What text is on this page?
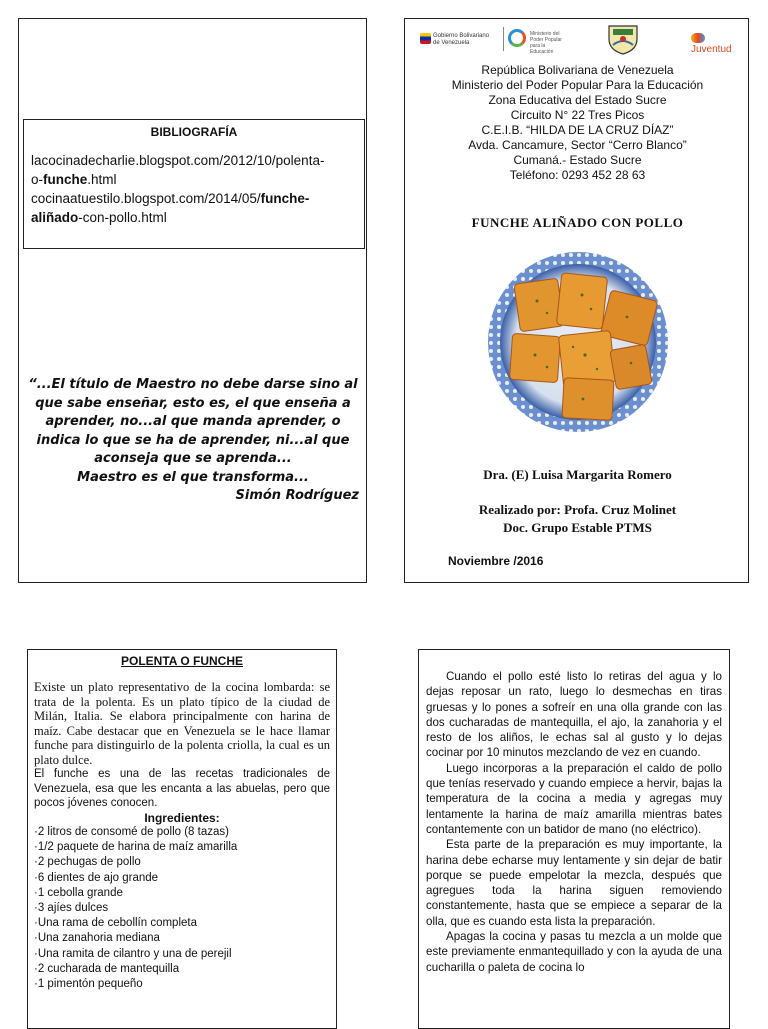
BIBLIOGRAFÍA

lacocinadecharlie.blogspot.com/2012/10/polenta-
o-funche.html

cocinaatuestilo.blogspot.com/2014/05/funche-
aliñado-con-pollo.html

“...El título de Maestro no debe darse sino al
que sabe enseñar, esto es, el que enseña a
aprender, no...al que manda aprender, o
indica lo que se ha de aprender, ni...al que
aconseja que se aprenda...
Maestro es el que transforma...
Simón Rodríguez
Gobierno Bolivariano de Venezuela
Ministerio del Poder Popular para la Educación	Juventud
República Bolivariana de Venezuela
Ministerio del Poder Popular Para la Educación
Zona Educativa del Estado Sucre
Circuito N° 22 Tres Picos
C.E.I.B. “HILDA DE LA CRUZ DÍAZ”
Avda. Cancamure, Sector “Cerro Blanco”
Cumaná.- Estado Sucre
Teléfono: 0293 452 28 63
FUNCHE ALIÑADO CON POLLO
Dra. (E) Luisa Margarita Romero
Realizado por: Profa. Cruz Molinet
Doc. Grupo Estable PTMS
Noviembre /2016
POLENTA O FUNCHE

Existe un plato representativo de la cocina lombarda: se trata de la polenta. Es un plato típico de la ciudad de Milán, Italia. Se elabora principalmente con harina de maíz. Cabe destacar que en Venezuela se le hace llamar funche para distinguirlo de la polenta criolla, la cual es un plato dulce.

El funche es una de las recetas tradicionales de Venezuela, esa que les encanta a las abuelas, pero que pocos jóvenes conocen.

Ingredientes:

·2 litros de consomé de pollo (8 tazas)
·1/2 paquete de harina de maíz amarilla
·2 pechugas de pollo
·6 dientes de ajo grande
·1 cebolla grande
·3 ajíes dulces
·Una rama de cebollín completa
·Una zanahoria mediana
·Una ramita de cilantro y una de perejil
·2 cucharada de mantequilla
·1 pimentón pequeño

Cuando el pollo esté listo lo retiras del agua y lo dejas reposar un rato, luego lo desmechas en tiras gruesas y lo pones a sofreír en una olla grande con las dos cucharadas de mantequilla, el ajo, la zanahoria y el resto de los aliños, le echas sal al gusto y lo dejas cocinar por 10 minutos mezclando de vez en cuando.

Luego incorporas a la preparación el caldo de pollo que tenías reservado y cuando empiece a hervir, bajas la temperatura de la cocina a media y agregas muy lentamente la harina de maíz amarilla mientras bates contantemente con un batidor de mano (no eléctrico).

Esta parte de la preparación es muy importante, la harina debe echarse muy lentamente y sin dejar de batir porque se puede empelotar la mezcla, después que agregues toda la harina siguen removiendo constantemente, hasta que se empiece a separar de la olla, que es cuando esta lista la preparación.

Apagas la cocina y pasas tu mezcla a un molde que este previamente enmantequillado y con la ayuda de una cucharilla o paleta de cocina lo
